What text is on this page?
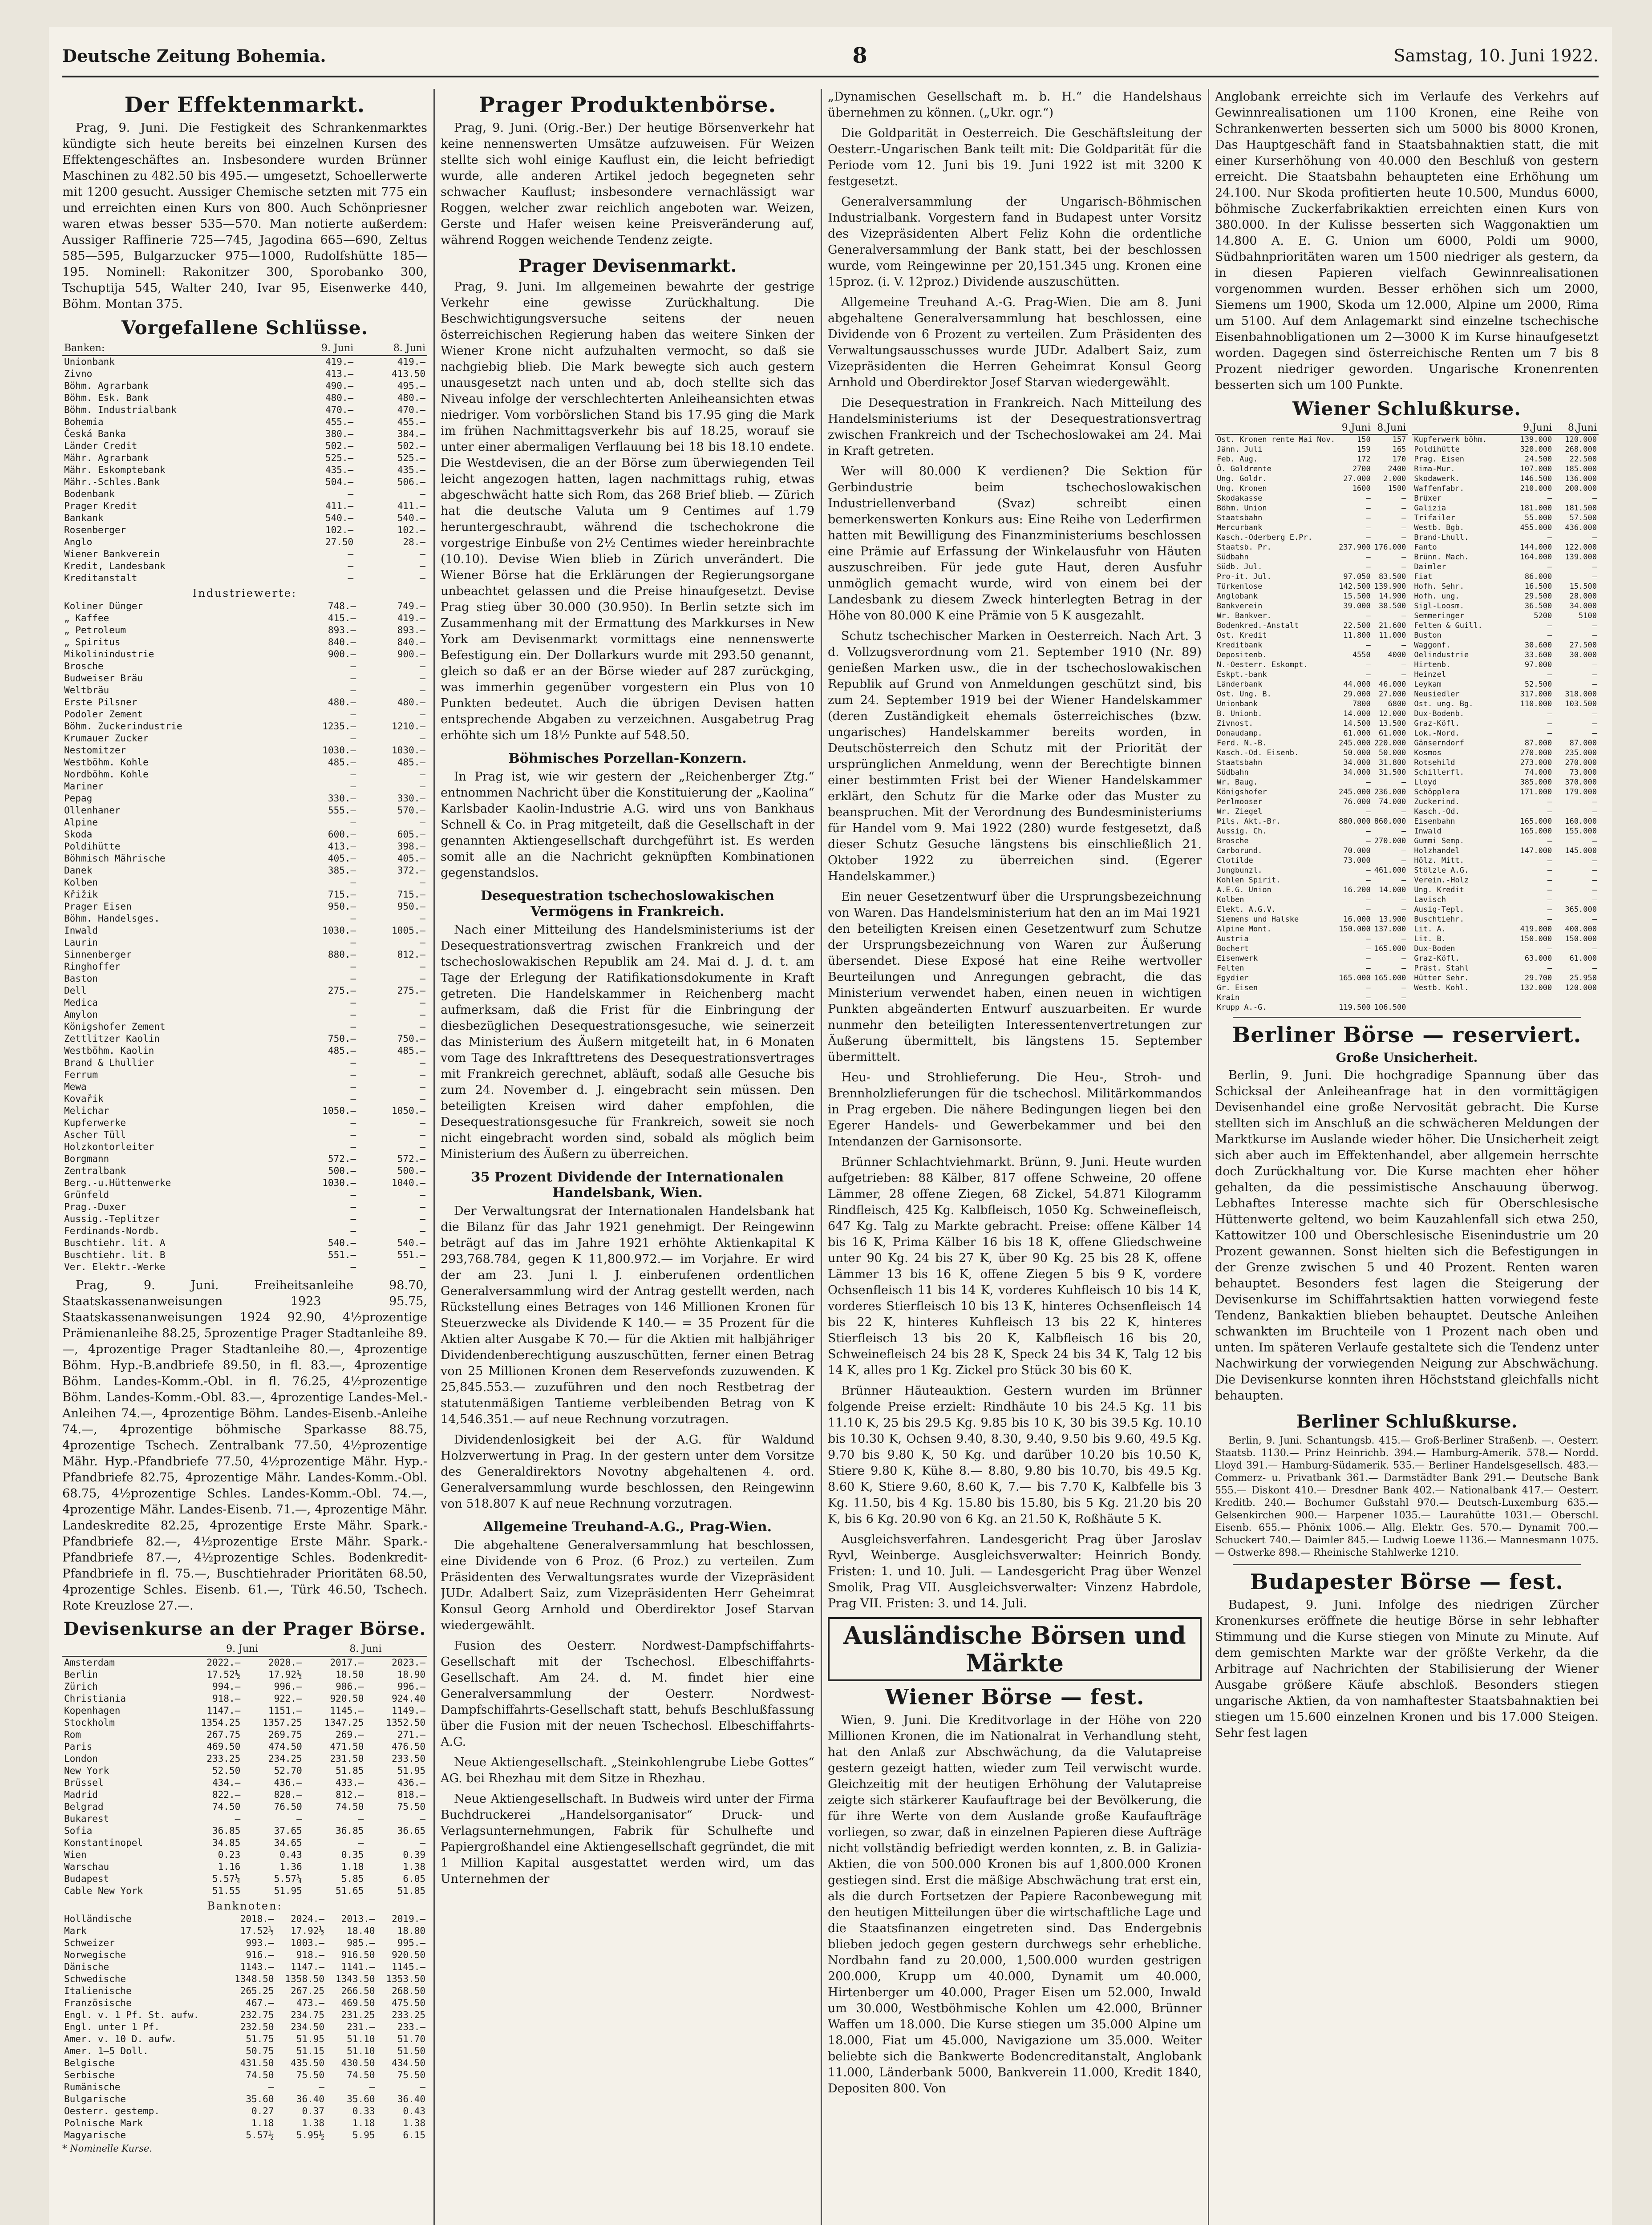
Deutsche Zeitung Bohemia.	8	Samstag, 10. Juni 1922.
Der Effektenmarkt.

Prag, 9. Juni. Die Festigkeit des Schrankenmarktes kündigte sich heute bereits bei einzelnen Kursen des Effektengeschäftes an. Insbesondere wurden Brünner Maschinen zu 482.50 bis 495.— umgesetzt, Schoellerwerte mit 1200 gesucht. Aussiger Chemische setzten mit 775 ein und erreichten einen Kurs von 800. Auch Schönpriesner waren etwas besser 535—570. Man notierte außerdem: Aussiger Raffinerie 725—745, Jagodina 665—690, Zeltus 585—595, Bulgarzucker 975—1000, Rudolfshütte 185—195. Nominell: Rakonitzer 300, Sporobanko 300, Tschuptija 545, Walter 240, Ivar 95, Eisenwerke 440, Böhm. Montan 375.

Vorgefallene Schlüsse.
Banken:	9. Juni	8. Juni
Unionbank	419.—	419.—
Zivno	413.—	413.50
Böhm. Agrarbank	490.—	495.—
Böhm. Esk. Bank	480.—	480.—
Böhm. Industrialbank	470.—	470.—
Bohemia	455.—	455.—
Česká Banka	380.—	384.—
Länder Credit	502.—	502.—
Mähr. Agrarbank	525.—	525.—
Mähr. Eskomptebank	435.—	435.—
Mähr.-Schles.Bank	504.—	506.—
Bodenbank	—	—
Prager Kredit	411.—	411.—
Bankank	540.—	540.—
Rosenberger	102.—	102.—
Anglo	27.50	28.—
Wiener Bankverein	—	—
Kredit, Landesbank	—	—
Kreditanstalt	—	—
Industriewerte:
Koliner Dünger	748.—	749.—
„ Kaffee	415.—	419.—
„ Petroleum	893.—	893.—
„ Spiritus	840.—	840.—
Mikolinindustrie	900.—	900.—
Brosche	—	—
Budweiser Bräu	—	—
Weltbräu	—	—
Erste Pilsner	480.—	480.—
Podoler Zement	—	—
Böhm. Zuckerindustrie	1235.—	1210.—
Krumauer Zucker	—	—
Nestomitzer	1030.—	1030.—
Westböhm. Kohle	485.—	485.—
Nordböhm. Kohle	—	—
Mariner	—	—
Pepag	330.—	330.—
Ollenhaner	555.—	570.—
Alpine	—	—
Skoda	600.—	605.—
Poldihütte	413.—	398.—
Böhmisch Mährische	405.—	405.—
Danek	385.—	372.—
Kolben	—	—
Křižik	715.—	715.—
Prager Eisen	950.—	950.—
Böhm. Handelsges.	—	—
Inwald	1030.—	1005.—
Laurin	—	—
Sinnenberger	880.—	812.—
Ringhoffer	—	—
Baston	—	—
Dell	275.—	275.—
Medica	—	—
Amylon	—	—
Königshofer Zement	—	—
Zettlitzer Kaolin	750.—	750.—
Westböhm. Kaolin	485.—	485.—
Brand & Lhullier	—	—
Ferrum	—	—
Mewa	—	—
Kovařik	—	—
Melichar	1050.—	1050.—
Kupferwerke	—	—
Ascher Tüll	—	—
Holzkontorleiter	—	—
Borgmann	572.—	572.—
Zentralbank	500.—	500.—
Berg.-u.Hüttenwerke	1030.—	1040.—
Grünfeld	—	—
Prag.-Duxer	—	—
Aussig.-Teplitzer	—	—
Ferdinands-Nordb.	—	—
Buschtiehr. lit. A	540.—	540.—
Buschtiehr. lit. B	551.—	551.—
Ver. Elektr.-Werke	—	—

Prag, 9. Juni. Freiheitsanleihe 98.70, Staatskassenanweisungen 1923 95.75, Staatskassenanweisungen 1924 92.90, 4½prozentige Prämienanleihe 88.25, 5prozentige Prager Stadtanleihe 89.—, 4prozentige Prager Stadtanleihe 80.—, 4prozentige Böhm. Hyp.-B.andbriefe 89.50, in fl. 83.—, 4prozentige Böhm. Landes-Komm.-Obl. in fl. 76.25, 4½prozentige Böhm. Landes-Komm.-Obl. 83.—, 4prozentige Landes-Mel.-Anleihen 74.—, 4prozentige Böhm. Landes-Eisenb.-Anleihe 74.—, 4prozentige böhmische Sparkasse 88.75, 4prozentige Tschech. Zentralbank 77.50, 4½prozentige Mähr. Hyp.-Pfandbriefe 77.50, 4½prozentige Mähr. Hyp.-Pfandbriefe 82.75, 4prozentige Mähr. Landes-Komm.-Obl. 68.75, 4½prozentige Schles. Landes-Komm.-Obl. 74.—, 4prozentige Mähr. Landes-Eisenb. 71.—, 4prozentige Mähr. Landeskredite 82.25, 4prozentige Erste Mähr. Spark.-Pfandbriefe 82.—, 4½prozentige Erste Mähr. Spark.-Pfandbriefe 87.—, 4½prozentige Schles. Bodenkredit-Pfandbriefe in fl. 75.—, Buschtiehrader Prioritäten 68.50, 4prozentige Schles. Eisenb. 61.—, Türk 46.50, Tschech. Rote Kreuzlose 27.—.

Devisenkurse an der Prager Börse.
	9. Juni		8. Juni	
Amsterdam	2022.—	2028.—	2017.—	2023.—
Berlin	17.52½	17.92½	18.50	18.90
Zürich	994.—	996.—	986.—	996.—
Christiania	918.—	922.—	920.50	924.40
Kopenhagen	1147.—	1151.—	1145.—	1149.—
Stockholm	1354.25	1357.25	1347.25	1352.50
Rom	267.75	269.75	269.—	271.—
Paris	469.50	474.50	471.50	476.50
London	233.25	234.25	231.50	233.50
New York	52.50	52.70	51.85	51.95
Brüssel	434.—	436.—	433.—	436.—
Madrid	822.—	828.—	812.—	818.—
Belgrad	74.50	76.50	74.50	75.50
Bukarest	—	—	—	—
Sofia	36.85	37.65	36.85	36.65
Konstantinopel	34.85	34.65	—	—
Wien	0.23	0.43	0.35	0.39
Warschau	1.16	1.36	1.18	1.38
Budapest	5.57¼	5.57¼	5.85	6.05
Cable New York	51.55	51.95	51.65	51.85
Banknoten:
Holländische	2018.—	2024.—	2013.—	2019.—
Mark	17.52½	17.92½	18.40	18.80
Schweizer	993.—	1003.—	985.—	995.—
Norwegische	916.—	918.—	916.50	920.50
Dänische	1143.—	1147.—	1141.—	1145.—
Schwedische	1348.50	1358.50	1343.50	1353.50
Italienische	265.25	267.25	266.50	268.50
Französische	467.—	473.—	469.50	475.50
Engl. v. 1 Pf. St. aufw.	232.75	234.75	231.25	233.25
Engl. unter 1 Pf.	232.50	234.50	231.—	233.—
Amer. v. 10 D. aufw.	51.75	51.95	51.10	51.70
Amer. 1—5 Doll.	50.75	51.15	51.10	51.50
Belgische	431.50	435.50	430.50	434.50
Serbische	74.50	75.50	74.50	75.50
Rumänische	—	—	—	—
Bulgarische	35.60	36.40	35.60	36.40
Oesterr. gestemp.	0.27	0.37	0.33	0.43
Polnische Mark	1.18	1.38	1.18	1.38
Magyarische	5.57½	5.95½	5.95	6.15
* Nominelle Kurse.
Prager Produktenbörse.

Prag, 9. Juni. (Orig.-Ber.) Der heutige Börsenverkehr hat keine nennenswerten Umsätze aufzuweisen. Für Weizen stellte sich wohl einige Kauflust ein, die leicht befriedigt wurde, alle anderen Artikel jedoch begegneten sehr schwacher Kauflust; insbesondere vernachlässigt war Roggen, welcher zwar reichlich angeboten war. Weizen, Gerste und Hafer weisen keine Preisveränderung auf, während Roggen weichende Tendenz zeigte.

Prager Devisenmarkt.

Prag, 9. Juni. Im allgemeinen bewahrte der gestrige Verkehr eine gewisse Zurückhaltung. Die Beschwichtigungsversuche seitens der neuen österreichischen Regierung haben das weitere Sinken der Wiener Krone nicht aufzuhalten vermocht, so daß sie nachgiebig blieb. Die Mark bewegte sich auch gestern unausgesetzt nach unten und ab, doch stellte sich das Niveau infolge der verschlechterten Anleiheansichten etwas niedriger. Vom vorbörslichen Stand bis 17.95 ging die Mark im frühen Nachmittagsverkehr bis auf 18.25, worauf sie unter einer abermaligen Verflauung bei 18 bis 18.10 endete. Die Westdevisen, die an der Börse zum überwiegenden Teil leicht angezogen hatten, lagen nachmittags ruhig, etwas abgeschwächt hatte sich Rom, das 268 Brief blieb. — Zürich hat die deutsche Valuta um 9 Centimes auf 1.79 heruntergeschraubt, während die tschechokrone die vorgestrige Einbuße von 2½ Centimes wieder hereinbrachte (10.10). Devise Wien blieb in Zürich unverändert. Die Wiener Börse hat die Erklärungen der Regierungsorgane unbeachtet gelassen und die Preise hinaufgesetzt. Devise Prag stieg über 30.000 (30.950). In Berlin setzte sich im Zusammenhang mit der Ermattung des Markkurses in New York am Devisenmarkt vormittags eine nennenswerte Befestigung ein. Der Dollarkurs wurde mit 293.50 genannt, gleich so daß er an der Börse wieder auf 287 zurückging, was immerhin gegenüber vorgestern ein Plus von 10 Punkten bedeutet. Auch die übrigen Devisen hatten entsprechende Abgaben zu verzeichnen. Ausgabetrug Prag erhöhte sich um 18½ Punkte auf 548.50.

Böhmisches Porzellan-Konzern.

In Prag ist, wie wir gestern der „Reichenberger Ztg.“ entnommen Nachricht über die Konstituierung der „Kaolina“ Karlsbader Kaolin-Industrie A.G. wird uns von Bankhaus Schnell & Co. in Prag mitgeteilt, daß die Gesellschaft in der genannten Aktiengesellschaft durchgeführt ist. Es werden somit alle an die Nachricht geknüpften Kombinationen gegenstandslos.

Desequestration tschechoslowakischen Vermögens in Frankreich.

Nach einer Mitteilung des Handelsministeriums ist der Desequestrationsvertrag zwischen Frankreich und der tschechoslowakischen Republik am 24. Mai d. J. d. t. am Tage der Erlegung der Ratifikationsdokumente in Kraft getreten. Die Handelskammer in Reichenberg macht aufmerksam, daß die Frist für die Einbringung der diesbezüglichen Desequestrationsgesuche, wie seinerzeit das Ministerium des Äußern mitgeteilt hat, in 6 Monaten vom Tage des Inkrafttretens des Desequestrationsvertrages mit Frankreich gerechnet, abläuft, sodaß alle Gesuche bis zum 24. November d. J. eingebracht sein müssen. Den beteiligten Kreisen wird daher empfohlen, die Desequestrationsgesuche für Frankreich, soweit sie noch nicht eingebracht worden sind, sobald als möglich beim Ministerium des Äußern zu überreichen.

35 Prozent Dividende der Internationalen Handelsbank, Wien.

Der Verwaltungsrat der Internationalen Handelsbank hat die Bilanz für das Jahr 1921 genehmigt. Der Reingewinn beträgt auf das im Jahre 1921 erhöhte Aktienkapital K 293,768.784, gegen K 11,800.972.— im Vorjahre. Er wird der am 23. Juni l. J. einberufenen ordentlichen Generalversammlung wird der Antrag gestellt werden, nach Rückstellung eines Betrages von 146 Millionen Kronen für Steuerzwecke als Dividende K 140.— = 35 Prozent für die Aktien alter Ausgabe K 70.— für die Aktien mit halbjähriger Dividendenberechtigung auszuschütten, ferner einen Betrag von 25 Millionen Kronen dem Reservefonds zuzuwenden. K 25,845.553.— zuzuführen und den noch Restbetrag der statutenmäßigen Tantieme verbleibenden Betrag von K 14,546.351.— auf neue Rechnung vorzutragen.

Dividendenlosigkeit bei der A.G. für Waldund Holzverwertung in Prag. In der gestern unter dem Vorsitze des Generaldirektors Novotny abgehaltenen 4. ord. Generalversammlung wurde beschlossen, den Reingewinn von 518.807 K auf neue Rechnung vorzutragen.

Allgemeine Treuhand-A.G., Prag-Wien.

Die abgehaltene Generalversammlung hat beschlossen, eine Dividende von 6 Proz. (6 Proz.) zu verteilen. Zum Präsidenten des Verwaltungsrates wurde der Vizepräsident JUDr. Adalbert Saiz, zum Vizepräsidenten Herr Geheimrat Konsul Georg Arnhold und Oberdirektor Josef Starvan wiedergewählt.

Fusion des Oesterr. Nordwest-Dampfschiffahrts-Gesellschaft mit der Tschechosl. Elbeschiffahrts-Gesellschaft. Am 24. d. M. findet hier eine Generalversammlung der Oesterr. Nordwest-Dampfschiffahrts-Gesellschaft statt, behufs Beschlußfassung über die Fusion mit der neuen Tschechosl. Elbeschiffahrts-A.G.

Neue Aktiengesellschaft. „Steinkohlengrube Liebe Gottes“ AG. bei Rhezhau mit dem Sitze in Rhezhau.

Neue Aktiengesellschaft. In Budweis wird unter der Firma Buchdruckerei „Handelsorganisator“ Druck- und Verlagsunternehmungen, Fabrik für Schulhefte und Papiergroßhandel eine Aktiengesellschaft gegründet, die mit 1 Million Kapital ausgestattet werden wird, um das Unternehmen der

„Dynamischen Gesellschaft m. b. H.“ die Handelshaus übernehmen zu können. („Ukr. ogr.“)

Die Goldparität in Oesterreich. Die Geschäftsleitung der Oesterr.-Ungarischen Bank teilt mit: Die Goldparität für die Periode vom 12. Juni bis 19. Juni 1922 ist mit 3200 K festgesetzt.

Generalversammlung der Ungarisch-Böhmischen Industrialbank. Vorgestern fand in Budapest unter Vorsitz des Vizepräsidenten Albert Feliz Kohn die ordentliche Generalversammlung der Bank statt, bei der beschlossen wurde, vom Reingewinne per 20,151.345 ung. Kronen eine 15proz. (i. V. 12proz.) Dividende auszuschütten.

Allgemeine Treuhand A.-G. Prag-Wien. Die am 8. Juni abgehaltene Generalversammlung hat beschlossen, eine Dividende von 6 Prozent zu verteilen. Zum Präsidenten des Verwaltungsausschusses wurde JUDr. Adalbert Saiz, zum Vizepräsidenten die Herren Geheimrat Konsul Georg Arnhold und Oberdirektor Josef Starvan wiedergewählt.

Die Desequestration in Frankreich. Nach Mitteilung des Handelsministeriums ist der Desequestrationsvertrag zwischen Frankreich und der Tschechoslowakei am 24. Mai in Kraft getreten.

Wer will 80.000 K verdienen? Die Sektion für Gerbindustrie beim tschechoslowakischen Industriellenverband (Svaz) schreibt einen bemerkenswerten Konkurs aus: Eine Reihe von Lederfirmen hatten mit Bewilligung des Finanzministeriums beschlossen eine Prämie auf Erfassung der Winkelausfuhr von Häuten auszuschreiben. Für jede gute Haut, deren Ausfuhr unmöglich gemacht wurde, wird von einem bei der Landesbank zu diesem Zweck hinterlegten Betrag in der Höhe von 80.000 K eine Prämie von 5 K ausgezahlt.

Schutz tschechischer Marken in Oesterreich. Nach Art. 3 d. Vollzugsverordnung vom 21. September 1910 (Nr. 89) genießen Marken usw., die in der tschechoslowakischen Republik auf Grund von Anmeldungen geschützt sind, bis zum 24. September 1919 bei der Wiener Handelskammer (deren Zuständigkeit ehemals österreichisches (bzw. ungarisches) Handelskammer bereits worden, in Deutschösterreich den Schutz mit der Priorität der ursprünglichen Anmeldung, wenn der Berechtigte binnen einer bestimmten Frist bei der Wiener Handelskammer erklärt, den Schutz für die Marke oder das Muster zu beanspruchen. Mit der Verordnung des Bundesministeriums für Handel vom 9. Mai 1922 (280) wurde festgesetzt, daß dieser Schutz Gesuche längstens bis einschließlich 21. Oktober 1922 zu überreichen sind. (Egerer Handelskammer.)

Ein neuer Gesetzentwurf über die Ursprungsbezeichnung von Waren. Das Handelsministerium hat den an im Mai 1921 den beteiligten Kreisen einen Gesetzentwurf zum Schutze der Ursprungsbezeichnung von Waren zur Äußerung übersendet. Diese Exposé hat eine Reihe wertvoller Beurteilungen und Anregungen gebracht, die das Ministerium verwendet haben, einen neuen in wichtigen Punkten abgeänderten Entwurf auszuarbeiten. Er wurde nunmehr den beteiligten Interessentenvertretungen zur Äußerung übermittelt, bis längstens 15. September übermittelt.

Heu- und Strohlieferung. Die Heu-, Stroh- und Brennholzlieferungen für die tschechosl. Militärkommandos in Prag ergeben. Die nähere Bedingungen liegen bei den Egerer Handels- und Gewerbekammer und bei den Intendanzen der Garnisonsorte.

Brünner Schlachtviehmarkt. Brünn, 9. Juni. Heute wurden aufgetrieben: 88 Kälber, 817 offene Schweine, 20 offene Lämmer, 28 offene Ziegen, 68 Zickel, 54.871 Kilogramm Rindfleisch, 425 Kg. Kalbfleisch, 1050 Kg. Schweinefleisch, 647 Kg. Talg zu Markte gebracht. Preise: offene Kälber 14 bis 16 K, Prima Kälber 16 bis 18 K, offene Gliedschweine unter 90 Kg. 24 bis 27 K, über 90 Kg. 25 bis 28 K, offene Lämmer 13 bis 16 K, offene Ziegen 5 bis 9 K, vordere Ochsenfleisch 11 bis 14 K, vorderes Kuhfleisch 10 bis 14 K, vorderes Stierfleisch 10 bis 13 K, hinteres Ochsenfleisch 14 bis 22 K, hinteres Kuhfleisch 13 bis 22 K, hinteres Stierfleisch 13 bis 20 K, Kalbfleisch 16 bis 20, Schweinefleisch 24 bis 28 K, Speck 24 bis 34 K, Talg 12 bis 14 K, alles pro 1 Kg. Zickel pro Stück 30 bis 60 K.

Brünner Häuteauktion. Gestern wurden im Brünner folgende Preise erzielt: Rindhäute 10 bis 24.5 Kg. 11 bis 11.10 K, 25 bis 29.5 Kg. 9.85 bis 10 K, 30 bis 39.5 Kg. 10.10 bis 10.30 K, Ochsen 9.40, 8.30, 9.40, 9.50 bis 9.60, 49.5 Kg. 9.70 bis 9.80 K, 50 Kg. und darüber 10.20 bis 10.50 K, Stiere 9.80 K, Kühe 8.— 8.80, 9.80 bis 10.70, bis 49.5 Kg. 8.60 K, Stiere 9.60, 8.60 K, 7.— bis 7.70 K, Kalbfelle bis 3 Kg. 11.50, bis 4 Kg. 15.80 bis 15.80, bis 5 Kg. 21.20 bis 20 K, bis 6 Kg. 20.90 von 6 Kg. an 21.50 K, Roßhäute 5 K.

Ausgleichsverfahren. Landesgericht Prag über Jaroslav Ryvl, Weinberge. Ausgleichsverwalter: Heinrich Bondy. Fristen: 1. und 10. Juli. — Landesgericht Prag über Wenzel Smolik, Prag VII. Ausgleichsverwalter: Vinzenz Habrdole, Prag VII. Fristen: 3. und 14. Juli.

Ausländische Börsen und Märkte
Wiener Börse — fest.

Wien, 9. Juni. Die Kreditvorlage in der Höhe von 220 Millionen Kronen, die im Nationalrat in Verhandlung steht, hat den Anlaß zur Abschwächung, da die Valutapreise gestern gezeigt hatten, wieder zum Teil verwischt wurde. Gleichzeitig mit der heutigen Erhöhung der Valutapreise zeigte sich stärkerer Kaufauftrage bei der Bevölkerung, die für ihre Werte von dem Auslande große Kaufaufträge vorliegen, so zwar, daß in einzelnen Papieren diese Aufträge nicht vollständig befriedigt werden konnten, z. B. in Galizia-Aktien, die von 500.000 Kronen bis auf 1,800.000 Kronen gestiegen sind. Erst die mäßige Abschwächung trat erst ein, als die durch Fortsetzen der Papiere Raconbewegung mit den heutigen Mitteilungen über die wirtschaftliche Lage und die Staatsfinanzen eingetreten sind. Das Endergebnis blieben jedoch gegen gestern durchwegs sehr erhebliche. Nordbahn fand zu 20.000, 1,500.000 wurden gestrigen 200.000, Krupp um 40.000, Dynamit um 40.000, Hirtenberger um 40.000, Prager Eisen um 52.000, Inwald um 30.000, Westböhmische Kohlen um 42.000, Brünner Waffen um 18.000. Die Kurse stiegen um 35.000 Alpine um 18.000, Fiat um 45.000, Navigazione um 35.000. Weiter beliebte sich die Bankwerte Bodencreditanstalt, Anglobank 11.000, Länderbank 5000, Bankverein 11.000, Kredit 1840, Depositen 800. Von

Anglobank erreichte sich im Verlaufe des Verkehrs auf Gewinnrealisationen um 1100 Kronen, eine Reihe von Schrankenwerten besserten sich um 5000 bis 8000 Kronen, Das Hauptgeschäft fand in Staatsbahnaktien statt, die mit einer Kurserhöhung von 40.000 den Beschluß von gestern erreicht. Die Staatsbahn behaupteten eine Erhöhung um 24.100. Nur Skoda profitierten heute 10.500, Mundus 6000, böhmische Zuckerfabrikaktien erreichten einen Kurs von 380.000. In der Kulisse besserten sich Waggonaktien um 14.800 A. E. G. Union um 6000, Poldi um 9000, Südbahnprioritäten waren um 1500 niedriger als gestern, da in diesen Papieren vielfach Gewinnrealisationen vorgenommen wurden. Besser erhöhen sich um 2000, Siemens um 1900, Skoda um 12.000, Alpine um 2000, Rima um 5100. Auf dem Anlagemarkt sind einzelne tschechische Eisenbahnobligationen um 2—3000 K im Kurse hinaufgesetzt worden. Dagegen sind österreichische Renten um 7 bis 8 Prozent niedriger geworden. Ungarische Kronenrenten besserten sich um 100 Punkte.

Wiener Schlußkurse.
	9.Juni	8.Juni
Ost. Kronen rente Mai Nov.	150	157
Jänn. Juli	159	165
Feb. Aug.	172	170
Ö. Goldrente	2700	2400
Ung. Goldr.	27.000	2.000
Ung. Kronen	1600	1500
Skodakasse	—	—
Böhm. Union	—	—
Staatsbahn	—	—
Mercurbank	—	—
Kasch.-Oderberg E.Pr.	—	—
Staatsb. Pr.	237.900	176.000
Südbahn	—	—
Südb. Jul.	—	—
Pro-it. Jul.	97.050	83.500
Türkenlose	142.500	139.900
Anglobank	15.500	14.900
Bankverein	39.000	38.500
Wr. Bankver.	—	—
Bodenkred.-Anstalt	22.500	21.600
Ost. Kredit	11.800	11.000
Kreditbank	—	—
Depositenb.	4550	4000
N.-Oesterr. Eskompt.	—	—
Eskpt.-bank	—	—
Länderbank	44.000	46.000
Ost. Ung. B.	29.000	27.000
Unionbank	7800	6800
B. Unionb.	14.000	12.000
Zivnost.	14.500	13.500
Donaudamp.	61.000	61.000
Ferd. N.-B.	245.000	220.000
Kasch.-Od. Eisenb.	50.000	50.000
Staatsbahn	34.000	31.800
Südbahn	34.000	31.500
Wr. Baug.	—	—
Königshofer	245.000	236.000
Perlmooser	76.000	74.000
Wr. Ziegel	—	—
Pils. Akt.-Br.	880.000	860.000
Aussig. Ch.	—	—
Brosche	—	270.000
Carborund.	70.000	—
Clotilde	73.000	—
Jungbunzl.	—	461.000
Kohlen Spirit.	—	—
A.E.G. Union	16.200	14.000
Kolben	—	—
Elekt. A.G.V.	—	—
Siemens und Halske	16.000	13.900
Alpine Mont.	150.000	137.000
Austria	—	—
Bochert	—	165.000
Eisenwerk	—	—
Felten	—	—
Egydier	165.000	165.000
Gr. Eisen	—	—
Krain	—	—
Krupp A.-G.	119.500	106.500
	9.Juni	8.Juni
Kupferwerk böhm.	139.000	120.000
Poldihütte	320.000	268.000
Prag. Eisen	24.500	22.500
Rima-Mur.	107.000	185.000
Skodawerk.	146.500	136.000
Waffenfabr.	210.000	200.000
Brüxer	—	—
Galizia	181.000	181.500
Trifailer	55.000	57.500
Westb. Bgb.	455.000	436.000
Brand-Lhull.	—	—
Fanto	144.000	122.000
Brünn. Mach.	164.000	139.000
Daimler	—	—
Fiat	86.000	—
Hofh. Sehr.	16.500	15.500
Hofh. ung.	29.500	28.000
Sigl-Loosm.	36.500	34.000
Semmeringer	5200	5100
Felten & Guill.	—	—
Buston	—	—
Waggonf.	30.600	27.500
Oelindustrie	33.600	30.000
Hirtenb.	97.000	—
Heinzel	—	—
Leykam	52.500	—
Neusiedler	317.000	318.000
Ost. ung. Bg.	110.000	103.500
Dux-Bodenb.	—	—
Graz-Köfl.	—	—
Lok.-Nord.	—	—
Gänserndorf	87.000	87.000
Kosmos	270.000	235.000
Rotsehild	273.000	270.000
Schillerfl.	74.000	73.000
Lloyd	385.000	370.000
Schöpplera	171.000	179.000
Zuckerind.	—	—
Kasch.-Od.	—	—
Eisenbahn	165.000	160.000
Inwald	165.000	155.000
Gummi Semp.	—	—
Holzhandel	147.000	145.000
Hölz. Mitt.	—	—
Stölzle A.G.	—	—
Verein.-Holz	—	—
Ung. Kredit	—	—
Lavisch	—	—
Ausig-Tepl.	—	365.000
Buschtiehr.	—	—
Lit. A.	419.000	400.000
Lit. B.	150.000	150.000
Dux-Boden	—	—
Graz-Köfl.	63.000	61.000
Präst. Stahl	—	—
Hütter Sehr.	29.700	25.950
Westb. Kohl.	132.000	120.000
Berliner Börse — reserviert.
Große Unsicherheit.

Berlin, 9. Juni. Die hochgradige Spannung über das Schicksal der Anleiheanfrage hat in den vormittägigen Devisenhandel eine große Nervosität gebracht. Die Kurse stellten sich im Anschluß an die schwächeren Meldungen der Marktkurse im Auslande wieder höher. Die Unsicherheit zeigt sich aber auch im Effektenhandel, aber allgemein herrschte doch Zurückhaltung vor. Die Kurse machten eher höher gehalten, da die pessimistische Anschauung überwog. Lebhaftes Interesse machte sich für Oberschlesische Hüttenwerte geltend, wo beim Kauzahlenfall sich etwa 250, Kattowitzer 100 und Oberschlesische Eisenindustrie um 20 Prozent gewannen. Sonst hielten sich die Befestigungen in der Grenze zwischen 5 und 40 Prozent. Renten waren behauptet. Besonders fest lagen die Steigerung der Devisenkurse im Schiffahrtsaktien hatten vorwiegend feste Tendenz, Bankaktien blieben behauptet. Deutsche Anleihen schwankten im Bruchteile von 1 Prozent nach oben und unten. Im späteren Verlaufe gestaltete sich die Tendenz unter Nachwirkung der vorwiegenden Neigung zur Abschwächung. Die Devisenkurse konnten ihren Höchststand gleichfalls nicht behaupten.

Berliner Schlußkurse.

Berlin, 9. Juni. Schantungsb. 415.— Groß-Berliner Straßenb. —. Oesterr. Staatsb. 1130.— Prinz Heinrichb. 394.— Hamburg-Amerik. 578.— Nordd. Lloyd 391.— Hamburg-Südamerik. 535.— Berliner Handelsgesellsch. 483.— Commerz- u. Privatbank 361.— Darmstädter Bank 291.— Deutsche Bank 555.— Diskont 410.— Dresdner Bank 402.— Nationalbank 417.— Oesterr. Kreditb. 240.— Bochumer Gußstahl 970.— Deutsch-Luxemburg 635.— Gelsenkirchen 900.— Harpener 1035.— Laurahütte 1031.— Oberschl. Eisenb. 655.— Phönix 1006.— Allg. Elektr. Ges. 570.— Dynamit 700.— Schuckert 740.— Daimler 845.— Ludwig Loewe 1136.— Mannesmann 1075.— Ostwerke 898.— Rheinische Stahlwerke 1210.

Budapester Börse — fest.

Budapest, 9. Juni. Infolge des niedrigen Zürcher Kronenkurses eröffnete die heutige Börse in sehr lebhafter Stimmung und die Kurse stiegen von Minute zu Minute. Auf dem gemischten Markte war der größte Verkehr, da die Arbitrage auf Nachrichten der Stabilisierung der Wiener Ausgabe größere Käufe abschloß. Besonders stiegen ungarische Aktien, da von namhaftester Staatsbahnaktien bei stiegen um 15.600 einzelnen Kronen und bis 17.000 Steigen. Sehr fest lagen
